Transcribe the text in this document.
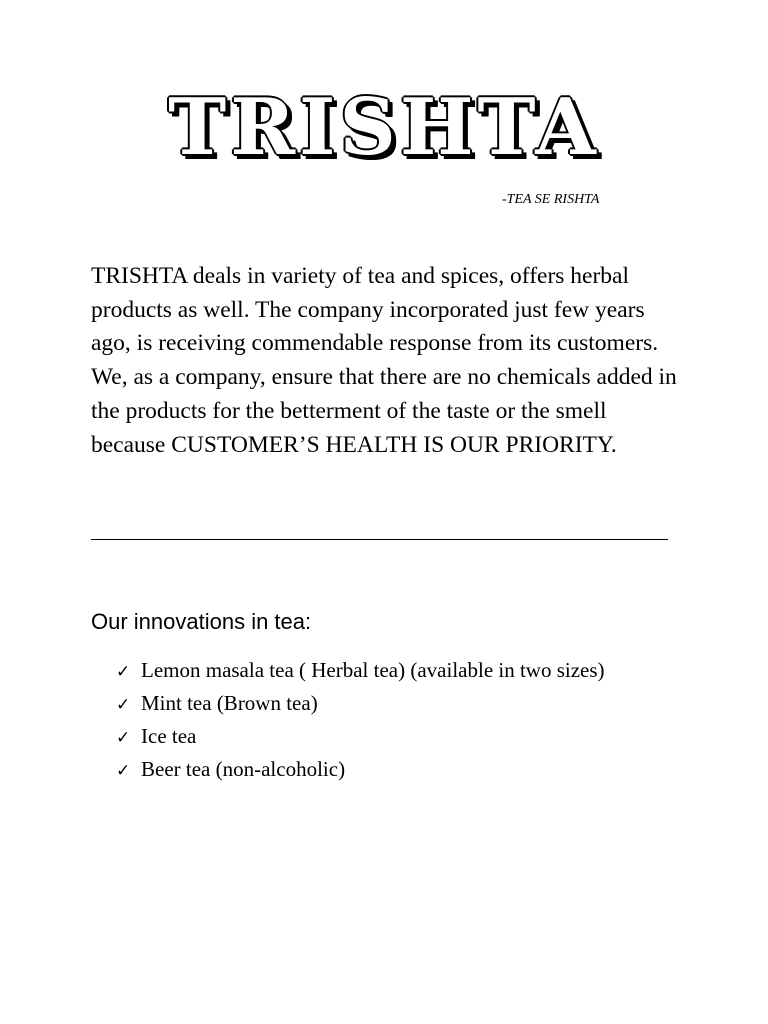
TRISHTA

-TEA SE RISHTA

TRISHTA deals in variety of tea and spices, offers herbal products as well. The company incorporated just few years ago, is receiving commendable response from its customers. We, as a company, ensure that there are no chemicals added in the products for the betterment of the taste or the smell because CUSTOMER’S HEALTH IS OUR PRIORITY.

Our innovations in tea:
✓ Lemon masala tea ( Herbal tea) (available in two sizes)
✓ Mint tea (Brown tea)
✓ Ice tea
✓ Beer tea (non-alcoholic)
